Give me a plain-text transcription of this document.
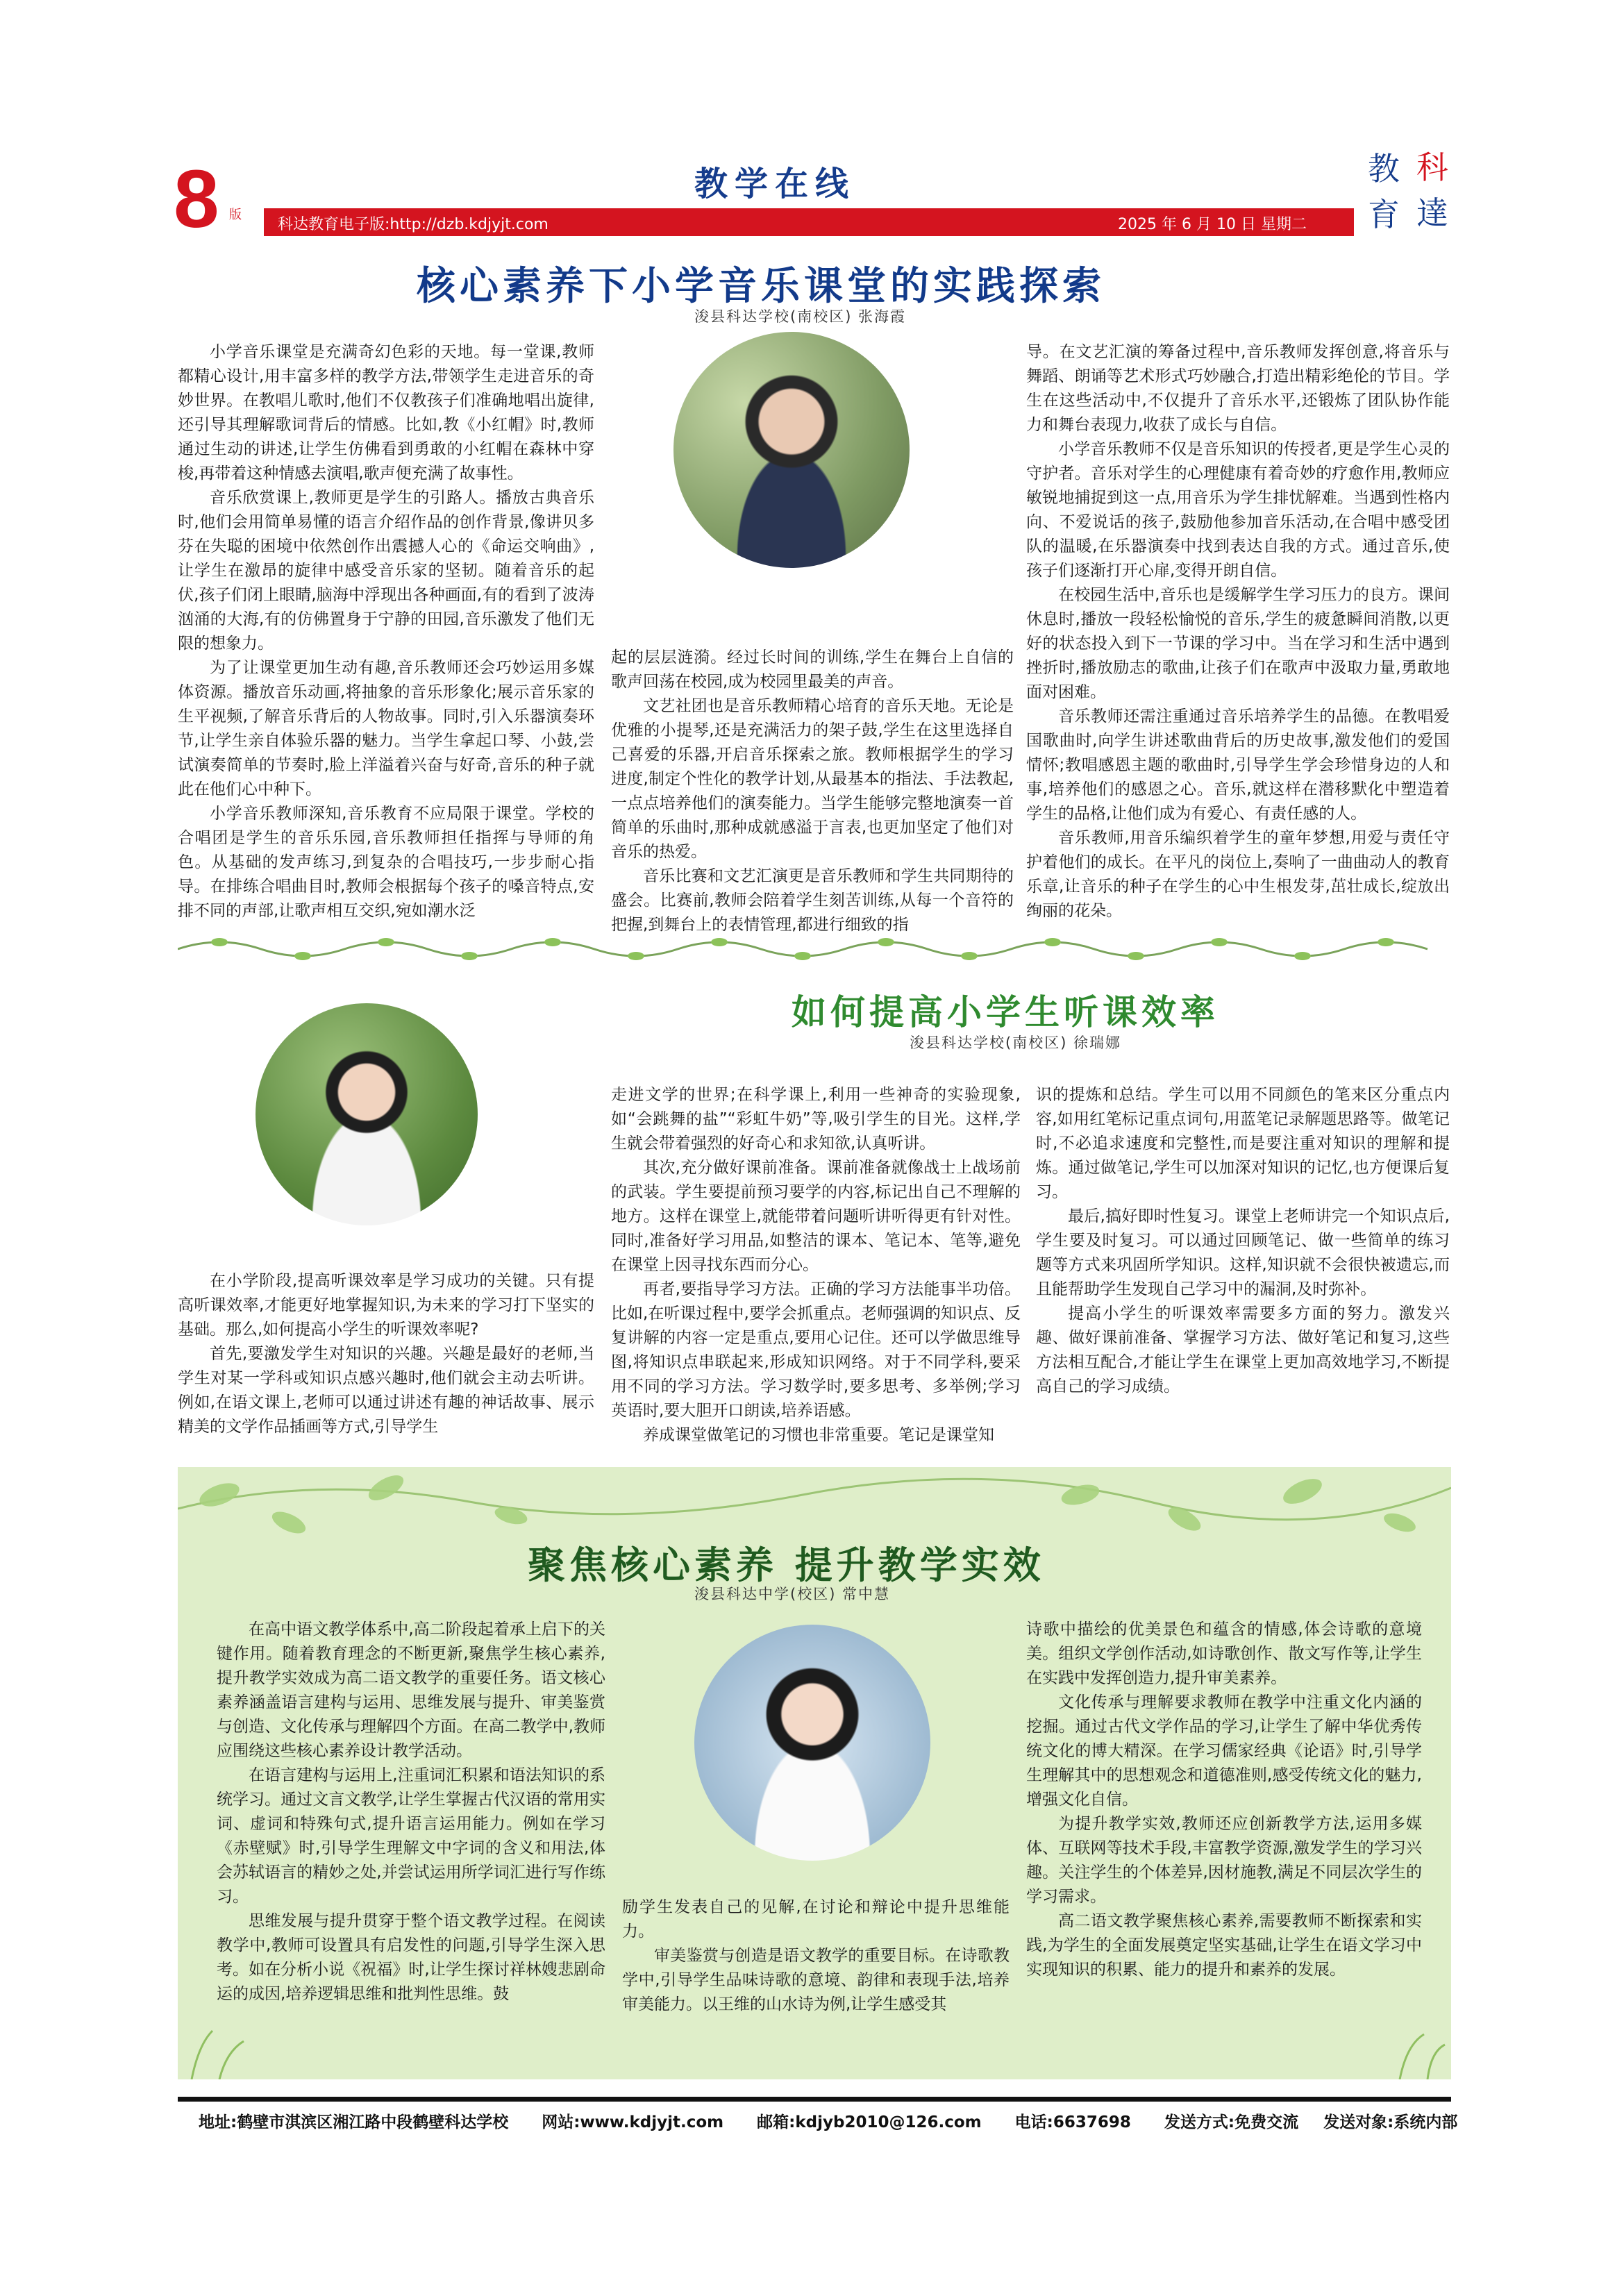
8 版
教学在线
科达教育电子版:http://dzb.kdjyjt.com	2025 年 6 月 10 日 星期二
教 科
育 達
核心素养下小学音乐课堂的实践探索
浚县科达学校(南校区) 张海霞

小学音乐课堂是充满奇幻色彩的天地。每一堂课,教师都精心设计,用丰富多样的教学方法,带领学生走进音乐的奇妙世界。在教唱儿歌时,他们不仅教孩子们准确地唱出旋律,还引导其理解歌词背后的情感。比如,教《小红帽》时,教师通过生动的讲述,让学生仿佛看到勇敢的小红帽在森林中穿梭,再带着这种情感去演唱,歌声便充满了故事性。

音乐欣赏课上,教师更是学生的引路人。播放古典音乐时,他们会用简单易懂的语言介绍作品的创作背景,像讲贝多芬在失聪的困境中依然创作出震撼人心的《命运交响曲》,让学生在激昂的旋律中感受音乐家的坚韧。随着音乐的起伏,孩子们闭上眼睛,脑海中浮现出各种画面,有的看到了波涛汹涌的大海,有的仿佛置身于宁静的田园,音乐激发了他们无限的想象力。

为了让课堂更加生动有趣,音乐教师还会巧妙运用多媒体资源。播放音乐动画,将抽象的音乐形象化;展示音乐家的生平视频,了解音乐背后的人物故事。同时,引入乐器演奏环节,让学生亲自体验乐器的魅力。当学生拿起口琴、小鼓,尝试演奏简单的节奏时,脸上洋溢着兴奋与好奇,音乐的种子就此在他们心中种下。

小学音乐教师深知,音乐教育不应局限于课堂。学校的合唱团是学生的音乐乐园,音乐教师担任指挥与导师的角色。从基础的发声练习,到复杂的合唱技巧,一步步耐心指导。在排练合唱曲目时,教师会根据每个孩子的嗓音特点,安排不同的声部,让歌声相互交织,宛如潮水泛

起的层层涟漪。经过长时间的训练,学生在舞台上自信的歌声回荡在校园,成为校园里最美的声音。

文艺社团也是音乐教师精心培育的音乐天地。无论是优雅的小提琴,还是充满活力的架子鼓,学生在这里选择自己喜爱的乐器,开启音乐探索之旅。教师根据学生的学习进度,制定个性化的教学计划,从最基本的指法、手法教起,一点点培养他们的演奏能力。当学生能够完整地演奏一首简单的乐曲时,那种成就感溢于言表,也更加坚定了他们对音乐的热爱。

音乐比赛和文艺汇演更是音乐教师和学生共同期待的盛会。比赛前,教师会陪着学生刻苦训练,从每一个音符的把握,到舞台上的表情管理,都进行细致的指

导。在文艺汇演的筹备过程中,音乐教师发挥创意,将音乐与舞蹈、朗诵等艺术形式巧妙融合,打造出精彩绝伦的节目。学生在这些活动中,不仅提升了音乐水平,还锻炼了团队协作能力和舞台表现力,收获了成长与自信。

小学音乐教师不仅是音乐知识的传授者,更是学生心灵的守护者。音乐对学生的心理健康有着奇妙的疗愈作用,教师应敏锐地捕捉到这一点,用音乐为学生排忧解难。当遇到性格内向、不爱说话的孩子,鼓励他参加音乐活动,在合唱中感受团队的温暖,在乐器演奏中找到表达自我的方式。通过音乐,使孩子们逐渐打开心扉,变得开朗自信。

在校园生活中,音乐也是缓解学生学习压力的良方。课间休息时,播放一段轻松愉悦的音乐,学生的疲惫瞬间消散,以更好的状态投入到下一节课的学习中。当在学习和生活中遇到挫折时,播放励志的歌曲,让孩子们在歌声中汲取力量,勇敢地面对困难。

音乐教师还需注重通过音乐培养学生的品德。在教唱爱国歌曲时,向学生讲述歌曲背后的历史故事,激发他们的爱国情怀;教唱感恩主题的歌曲时,引导学生学会珍惜身边的人和事,培养他们的感恩之心。音乐,就这样在潜移默化中塑造着学生的品格,让他们成为有爱心、有责任感的人。

音乐教师,用音乐编织着学生的童年梦想,用爱与责任守护着他们的成长。在平凡的岗位上,奏响了一曲曲动人的教育乐章,让音乐的种子在学生的心中生根发芽,茁壮成长,绽放出绚丽的花朵。

如何提高小学生听课效率
浚县科达学校(南校区) 徐瑞娜

在小学阶段,提高听课效率是学习成功的关键。只有提高听课效率,才能更好地掌握知识,为未来的学习打下坚实的基础。那么,如何提高小学生的听课效率呢?

首先,要激发学生对知识的兴趣。兴趣是最好的老师,当学生对某一学科或知识点感兴趣时,他们就会主动去听讲。例如,在语文课上,老师可以通过讲述有趣的神话故事、展示精美的文学作品插画等方式,引导学生

走进文学的世界;在科学课上,利用一些神奇的实验现象,如“会跳舞的盐”“彩虹牛奶”等,吸引学生的目光。这样,学生就会带着强烈的好奇心和求知欲,认真听讲。

其次,充分做好课前准备。课前准备就像战士上战场前的武装。学生要提前预习要学的内容,标记出自己不理解的地方。这样在课堂上,就能带着问题听讲听得更有针对性。同时,准备好学习用品,如整洁的课本、笔记本、笔等,避免在课堂上因寻找东西而分心。

再者,要指导学习方法。正确的学习方法能事半功倍。比如,在听课过程中,要学会抓重点。老师强调的知识点、反复讲解的内容一定是重点,要用心记住。还可以学做思维导图,将知识点串联起来,形成知识网络。对于不同学科,要采用不同的学习方法。学习数学时,要多思考、多举例;学习英语时,要大胆开口朗读,培养语感。

养成课堂做笔记的习惯也非常重要。笔记是课堂知

识的提炼和总结。学生可以用不同颜色的笔来区分重点内容,如用红笔标记重点词句,用蓝笔记录解题思路等。做笔记时,不必追求速度和完整性,而是要注重对知识的理解和提炼。通过做笔记,学生可以加深对知识的记忆,也方便课后复习。

最后,搞好即时性复习。课堂上老师讲完一个知识点后,学生要及时复习。可以通过回顾笔记、做一些简单的练习题等方式来巩固所学知识。这样,知识就不会很快被遗忘,而且能帮助学生发现自己学习中的漏洞,及时弥补。

提高小学生的听课效率需要多方面的努力。激发兴趣、做好课前准备、掌握学习方法、做好笔记和复习,这些方法相互配合,才能让学生在课堂上更加高效地学习,不断提高自己的学习成绩。

聚焦核心素养 提升教学实效
浚县科达中学(校区) 常中慧

在高中语文教学体系中,高二阶段起着承上启下的关键作用。随着教育理念的不断更新,聚焦学生核心素养,提升教学实效成为高二语文教学的重要任务。语文核心素养涵盖语言建构与运用、思维发展与提升、审美鉴赏与创造、文化传承与理解四个方面。在高二教学中,教师应围绕这些核心素养设计教学活动。

在语言建构与运用上,注重词汇积累和语法知识的系统学习。通过文言文教学,让学生掌握古代汉语的常用实词、虚词和特殊句式,提升语言运用能力。例如在学习《赤壁赋》时,引导学生理解文中字词的含义和用法,体会苏轼语言的精妙之处,并尝试运用所学词汇进行写作练习。

思维发展与提升贯穿于整个语文教学过程。在阅读教学中,教师可设置具有启发性的问题,引导学生深入思考。如在分析小说《祝福》时,让学生探讨祥林嫂悲剧命运的成因,培养逻辑思维和批判性思维。鼓

励学生发表自己的见解,在讨论和辩论中提升思维能力。

审美鉴赏与创造是语文教学的重要目标。在诗歌教学中,引导学生品味诗歌的意境、韵律和表现手法,培养审美能力。以王维的山水诗为例,让学生感受其

诗歌中描绘的优美景色和蕴含的情感,体会诗歌的意境美。组织文学创作活动,如诗歌创作、散文写作等,让学生在实践中发挥创造力,提升审美素养。

文化传承与理解要求教师在教学中注重文化内涵的挖掘。通过古代文学作品的学习,让学生了解中华优秀传统文化的博大精深。在学习儒家经典《论语》时,引导学生理解其中的思想观念和道德准则,感受传统文化的魅力,增强文化自信。

为提升教学实效,教师还应创新教学方法,运用多媒体、互联网等技术手段,丰富教学资源,激发学生的学习兴趣。关注学生的个体差异,因材施教,满足不同层次学生的学习需求。

高二语文教学聚焦核心素养,需要教师不断探索和实践,为学生的全面发展奠定坚实基础,让学生在语文学习中实现知识的积累、能力的提升和素养的发展。

地址:鹤壁市淇滨区湘江路中段鹤壁科达学校 网站:www.kdjyjt.com 邮箱:kdjyb2010@126.com 电话:6637698 发送方式:免费交流 发送对象:系统内部
